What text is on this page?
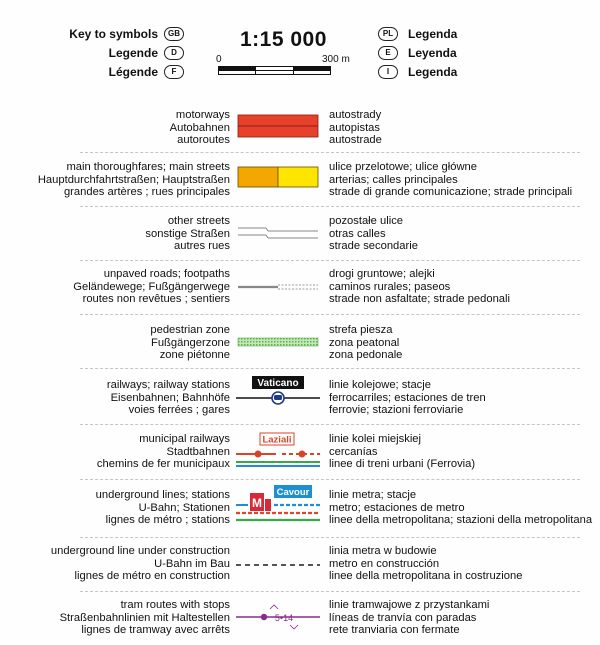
Key to symbols	GB
Legende	D
Légende	F
1:15 000
0	300 m
PL	Legenda
E	Leyenda
I	Legenda
motorways
Autobahnen
autoroutes
autostrady
autopistas
autostrade
main thoroughfares; main streets
Hauptdurchfahrtstraßen; Hauptstraßen
grandes artères ; rues principales
ulice przelotowe; ulice główne
arterias; calles principales
strade di grande comunicazione; strade principali
other streets
sonstige Straßen
autres rues
pozostałe ulice
otras calles
strade secondarie
unpaved roads; footpaths
Geländewege; Fußgängerwege
routes non revêtues ; sentiers
drogi gruntowe; alejki
caminos rurales; paseos
strade non asfaltate; strade pedonali
pedestrian zone
Fußgängerzone
zone piétonne
strefa piesza
zona peatonal
zona pedonale
railways; railway stations
Eisenbahnen; Bahnhöfe
voies ferrées ; gares
Vaticano	linie kolejowe; stacje
ferrocarriles; estaciones de tren
ferrovie; stazioni ferroviarie
municipal railways
Stadtbahnen
chemins de fer municipaux
Laziali	linie kolei miejskiej
cercanías
linee di treni urbani (Ferrovia)
underground lines; stations
U-Bahn; Stationen
lignes de métro ; stations
Cavour
M
linie metra; stacje
metro; estaciones de metro
linee della metropolitana; stazioni della metropolitana
underground line under construction
U-Bahn im Bau
lignes de métro en construction
linia metra w budowie
metro en construcción
linee della metropolitana in costruzione
tram routes with stops
Straßenbahnlinien mit Haltestellen
lignes de tramway avec arrêts
5•14
linie tramwajowe z przystankami
líneas de tranvía con paradas
rete tranviaria con fermate
